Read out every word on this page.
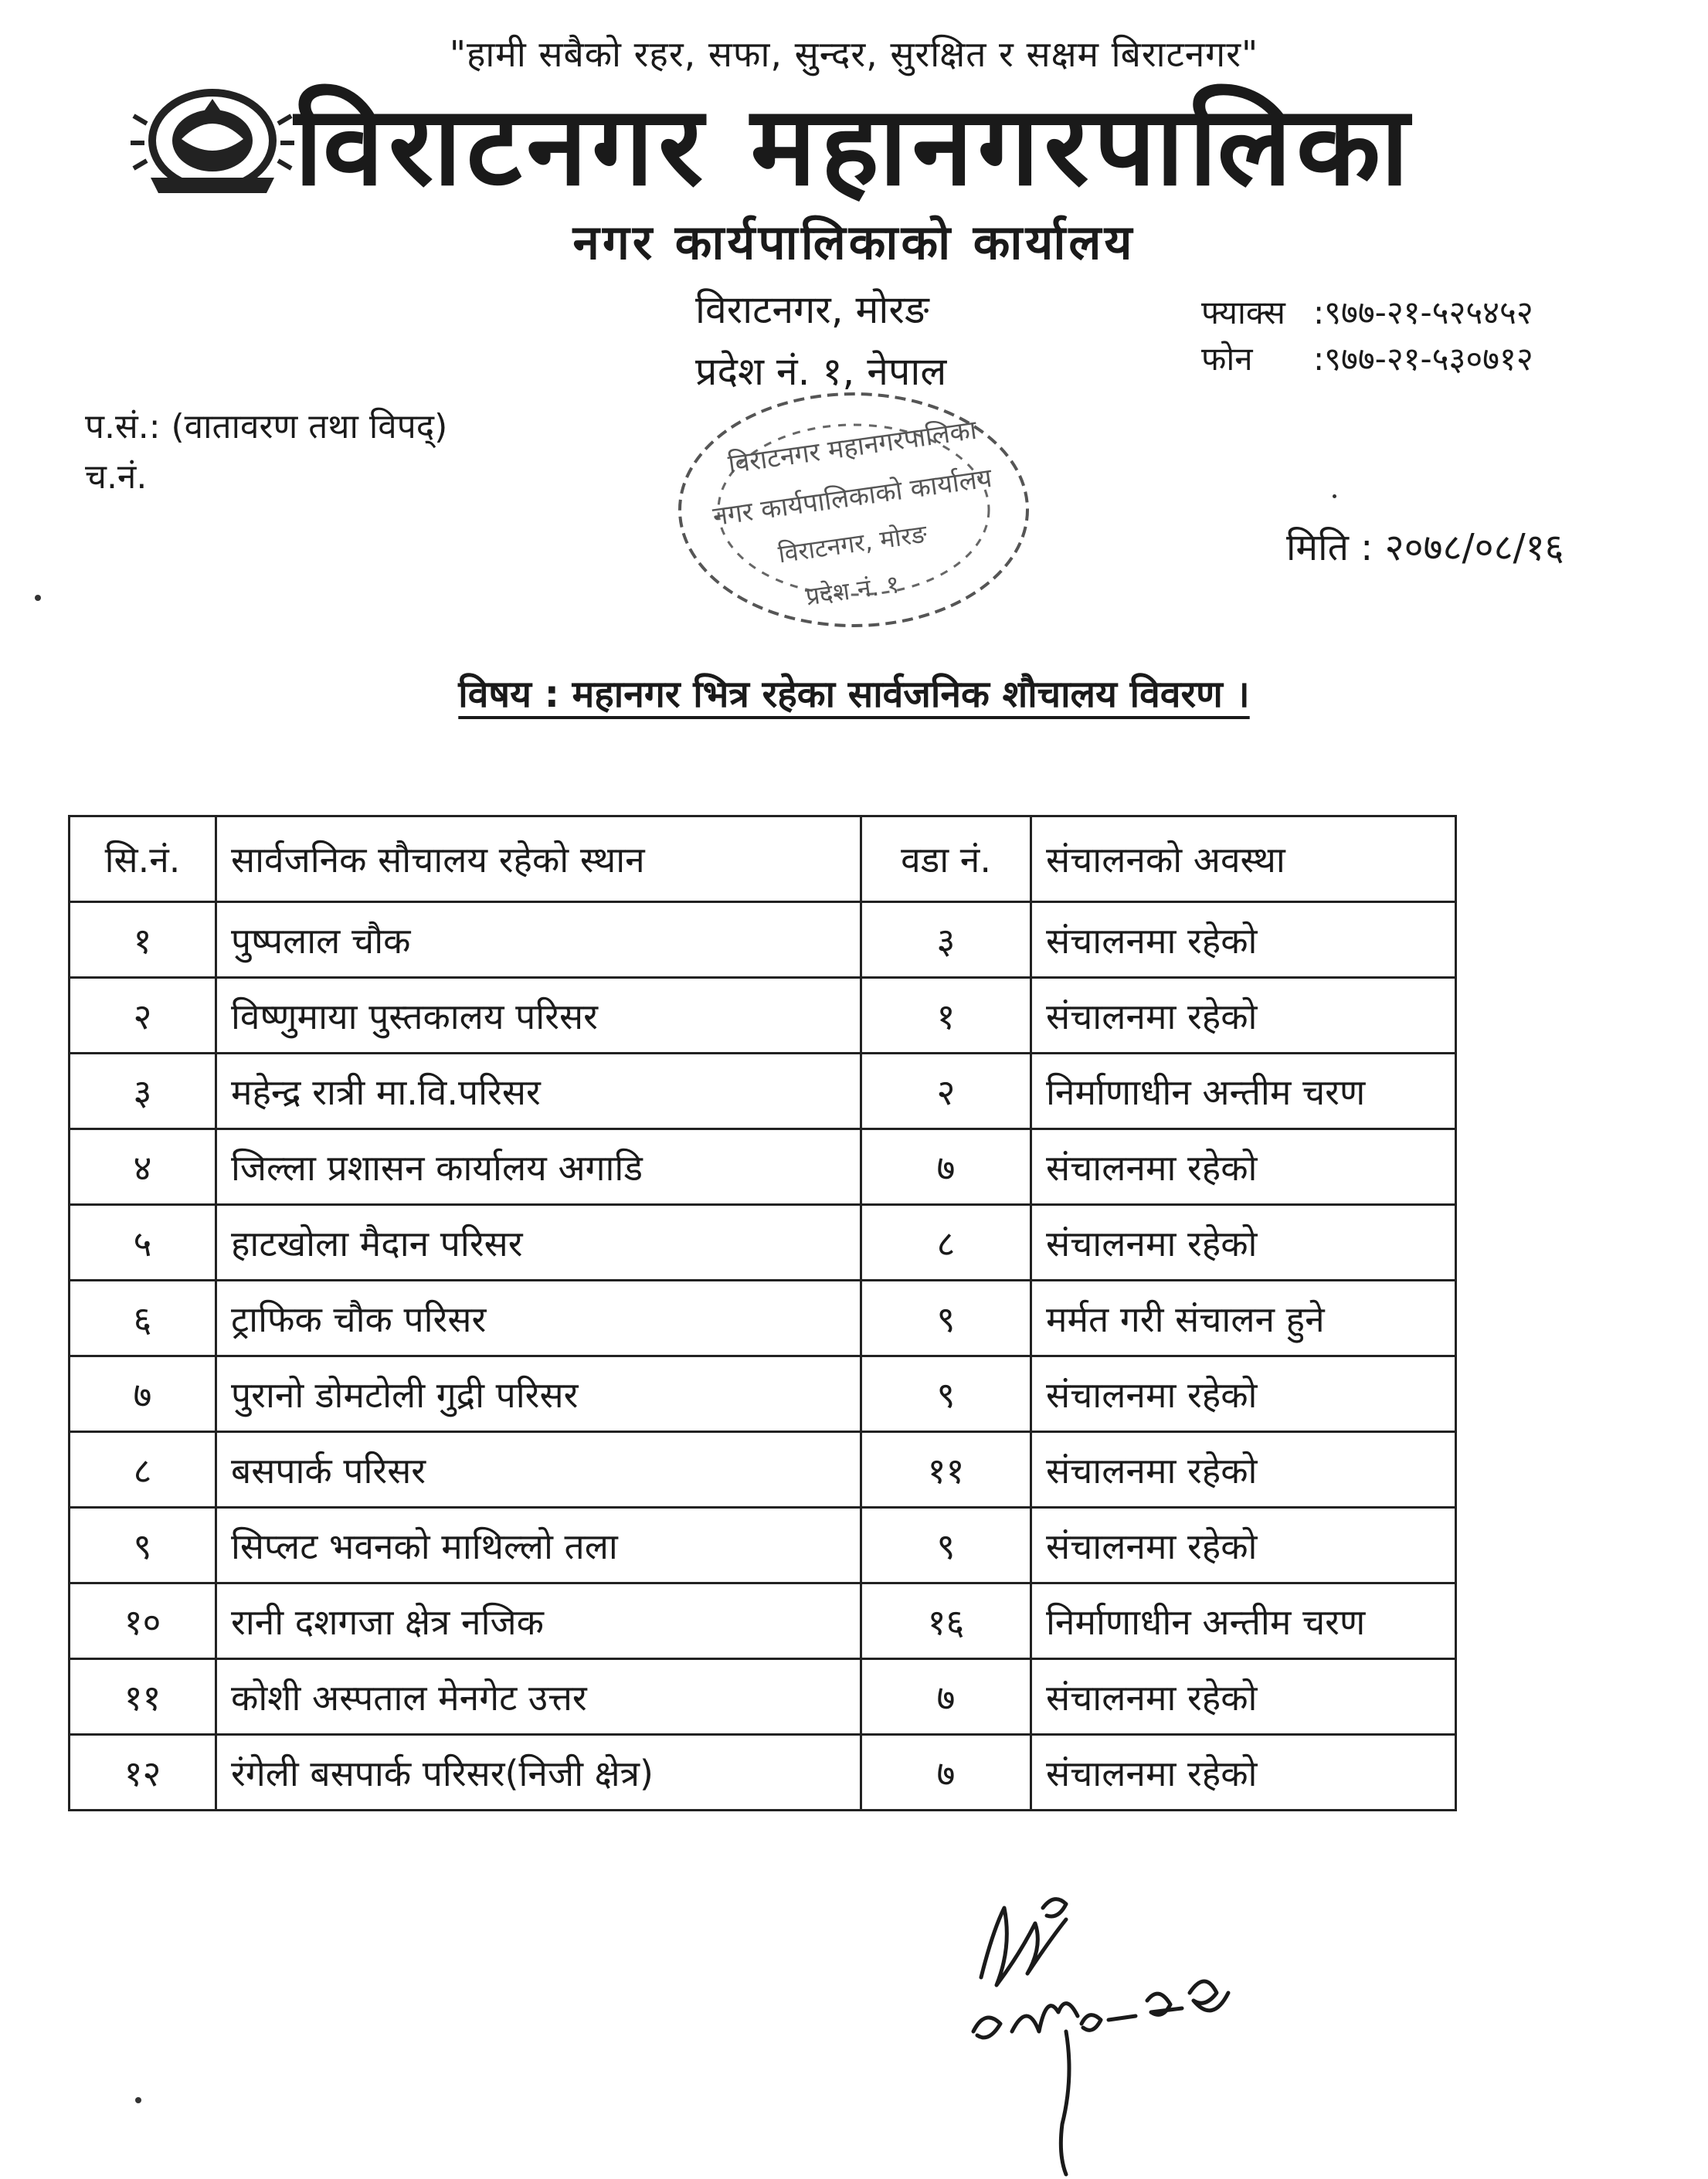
"हामी सबैको रहर, सफा, सुन्दर, सुरक्षित र सक्षम बिराटनगर"
विराटनगर महानगरपालिका
नगर कार्यपालिकाको कार्यालय
विराटनगर, मोरङ
प्रदेश नं. १, नेपाल
फ्याक्स :९७७-२१-५२५४५२
फोन :९७७-२१-५३०७१२
प.सं.: (वातावरण तथा विपद्)
च.नं.	विराटनगर महानगरपालिका
नगर कार्यपालिकाको कार्यालय
विराटनगर, मोरङ
प्रदेश नं. १
मिति : २०७८/०८/१६
विषय : महानगर भित्र रहेका सार्वजनिक शौचालय विवरण ।
सि.नं.	सार्वजनिक सौचालय रहेको स्थान	वडा नं.	संचालनको अवस्था
१	पुष्पलाल चौक	३	संचालनमा रहेको
२	विष्णुमाया पुस्तकालय परिसर	१	संचालनमा रहेको
३	महेन्द्र रात्री मा.वि.परिसर	२	निर्माणाधीन अन्तीम चरण
४	जिल्ला प्रशासन कार्यालय अगाडि	७	संचालनमा रहेको
५	हाटखोला मैदान परिसर	८	संचालनमा रहेको
६	ट्राफिक चौक परिसर	९	मर्मत गरी संचालन हुने
७	पुरानो डोमटोली गुद्री परिसर	९	संचालनमा रहेको
८	बसपार्क परिसर	११	संचालनमा रहेको
९	सिप्लट भवनको माथिल्लो तला	९	संचालनमा रहेको
१०	रानी दशगजा क्षेत्र नजिक	१६	निर्माणाधीन अन्तीम चरण
११	कोशी अस्पताल मेनगेट उत्तर	७	संचालनमा रहेको
१२	रंगेली बसपार्क परिसर(निजी क्षेत्र)	७	संचालनमा रहेको
